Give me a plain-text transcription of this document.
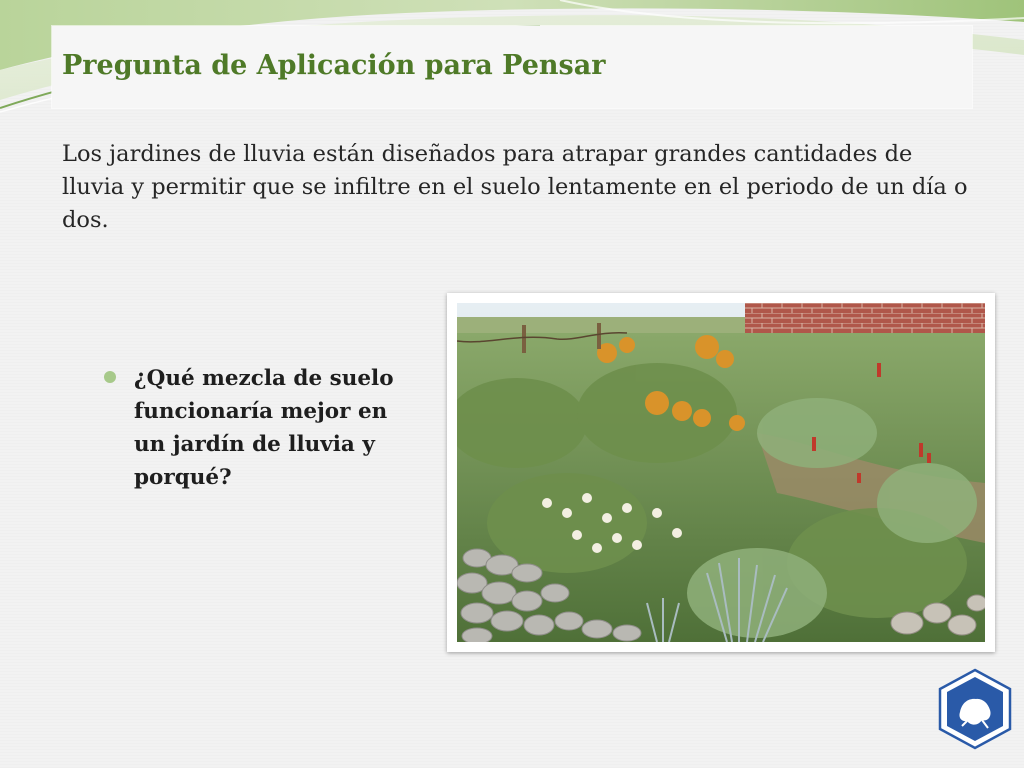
Pregunta de Aplicación para Pensar

Los jardines de lluvia están diseñados para atrapar grandes cantidades de lluvia y permitir que se infiltre en el suelo lentamente en el periodo de un día o dos.

¿Qué mezcla de suelo funcionaría mejor en un jardín de lluvia y porqué?
